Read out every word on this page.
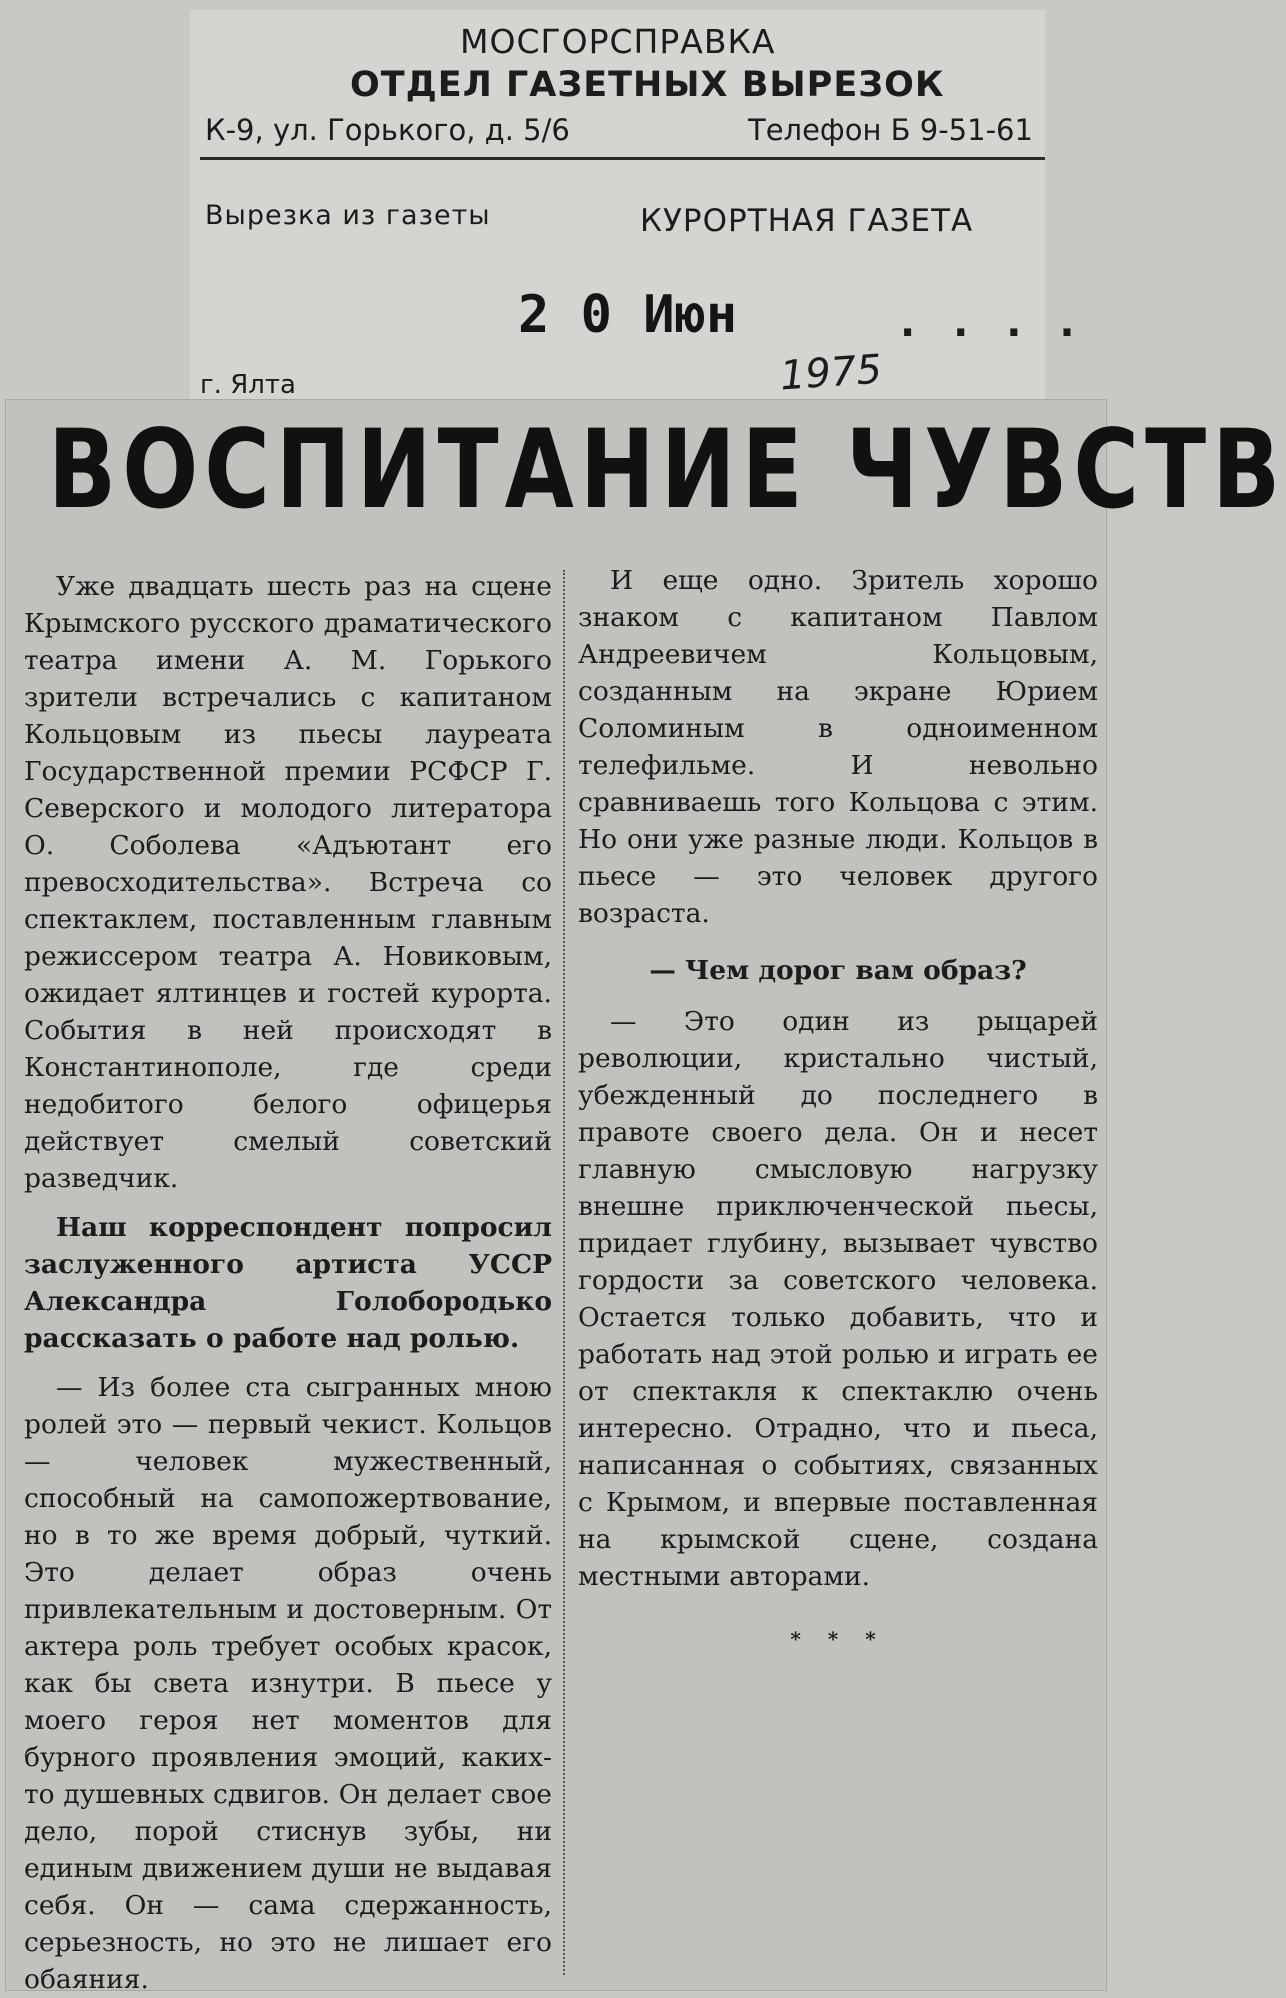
МОСГОРСПРАВКА
ОТДЕЛ ГАЗЕТНЫХ ВЫРЕЗОК
К-9, ул. Горького, д. 5/6	Телефон Б 9-51-61
Вырезка из газеты	КУРОРТНАЯ ГАЗЕТА
2 0 Июн	. . . .
1975
г. Ялта
ВОСПИТАНИЕ ЧУВСТВ

Уже двадцать шесть раз на сцене Крымского русского драматического театра имени А. М. Горького зрители встречались с капитаном Кольцовым из пьесы лауреата Государственной премии РСФСР Г. Северского и молодого литератора О. Соболева «Адъютант его превосходительства». Встреча со спектаклем, поставленным главным режиссером театра А. Новиковым, ожидает ялтинцев и гостей курорта. События в ней происходят в Константинополе, где среди недобитого белого офицерья действует смелый советский разведчик.

Наш корреспондент попросил заслуженного артиста УССР Александра Голобородько рассказать о работе над ролью.

— Из более ста сыгранных мною ролей это — первый чекист. Кольцов — человек мужественный, способный на самопожертвование, но в то же время добрый, чуткий. Это делает образ очень привлекательным и достоверным. От актера роль требует особых красок, как бы света изнутри. В пьесе у моего героя нет моментов для бурного проявления эмоций, каких-то душевных сдвигов. Он делает свое дело, порой стиснув зубы, ни единым движением души не выдавая себя. Он — сама сдержанность, серьезность, но это не лишает его обаяния.

И еще одно. Зритель хорошо знаком с капитаном Павлом Андреевичем Кольцовым, созданным на экране Юрием Соломиным в одноименном телефильме. И невольно сравниваешь того Кольцова с этим. Но они уже разные люди. Кольцов в пьесе — это человек другого возраста.

— Чем дорог вам образ?

— Это один из рыцарей революции, кристально чистый, убежденный до последнего в правоте своего дела. Он и несет главную смысловую нагрузку внешне приключенческой пьесы, придает глубину, вызывает чувство гордости за советского человека. Остается только добавить, что и работать над этой ролью и играть ее от спектакля к спектаклю очень интересно. Отрадно, что и пьеса, написанная о событиях, связанных с Крымом, и впервые поставленная на крымской сцене, создана местными авторами.

* * *
